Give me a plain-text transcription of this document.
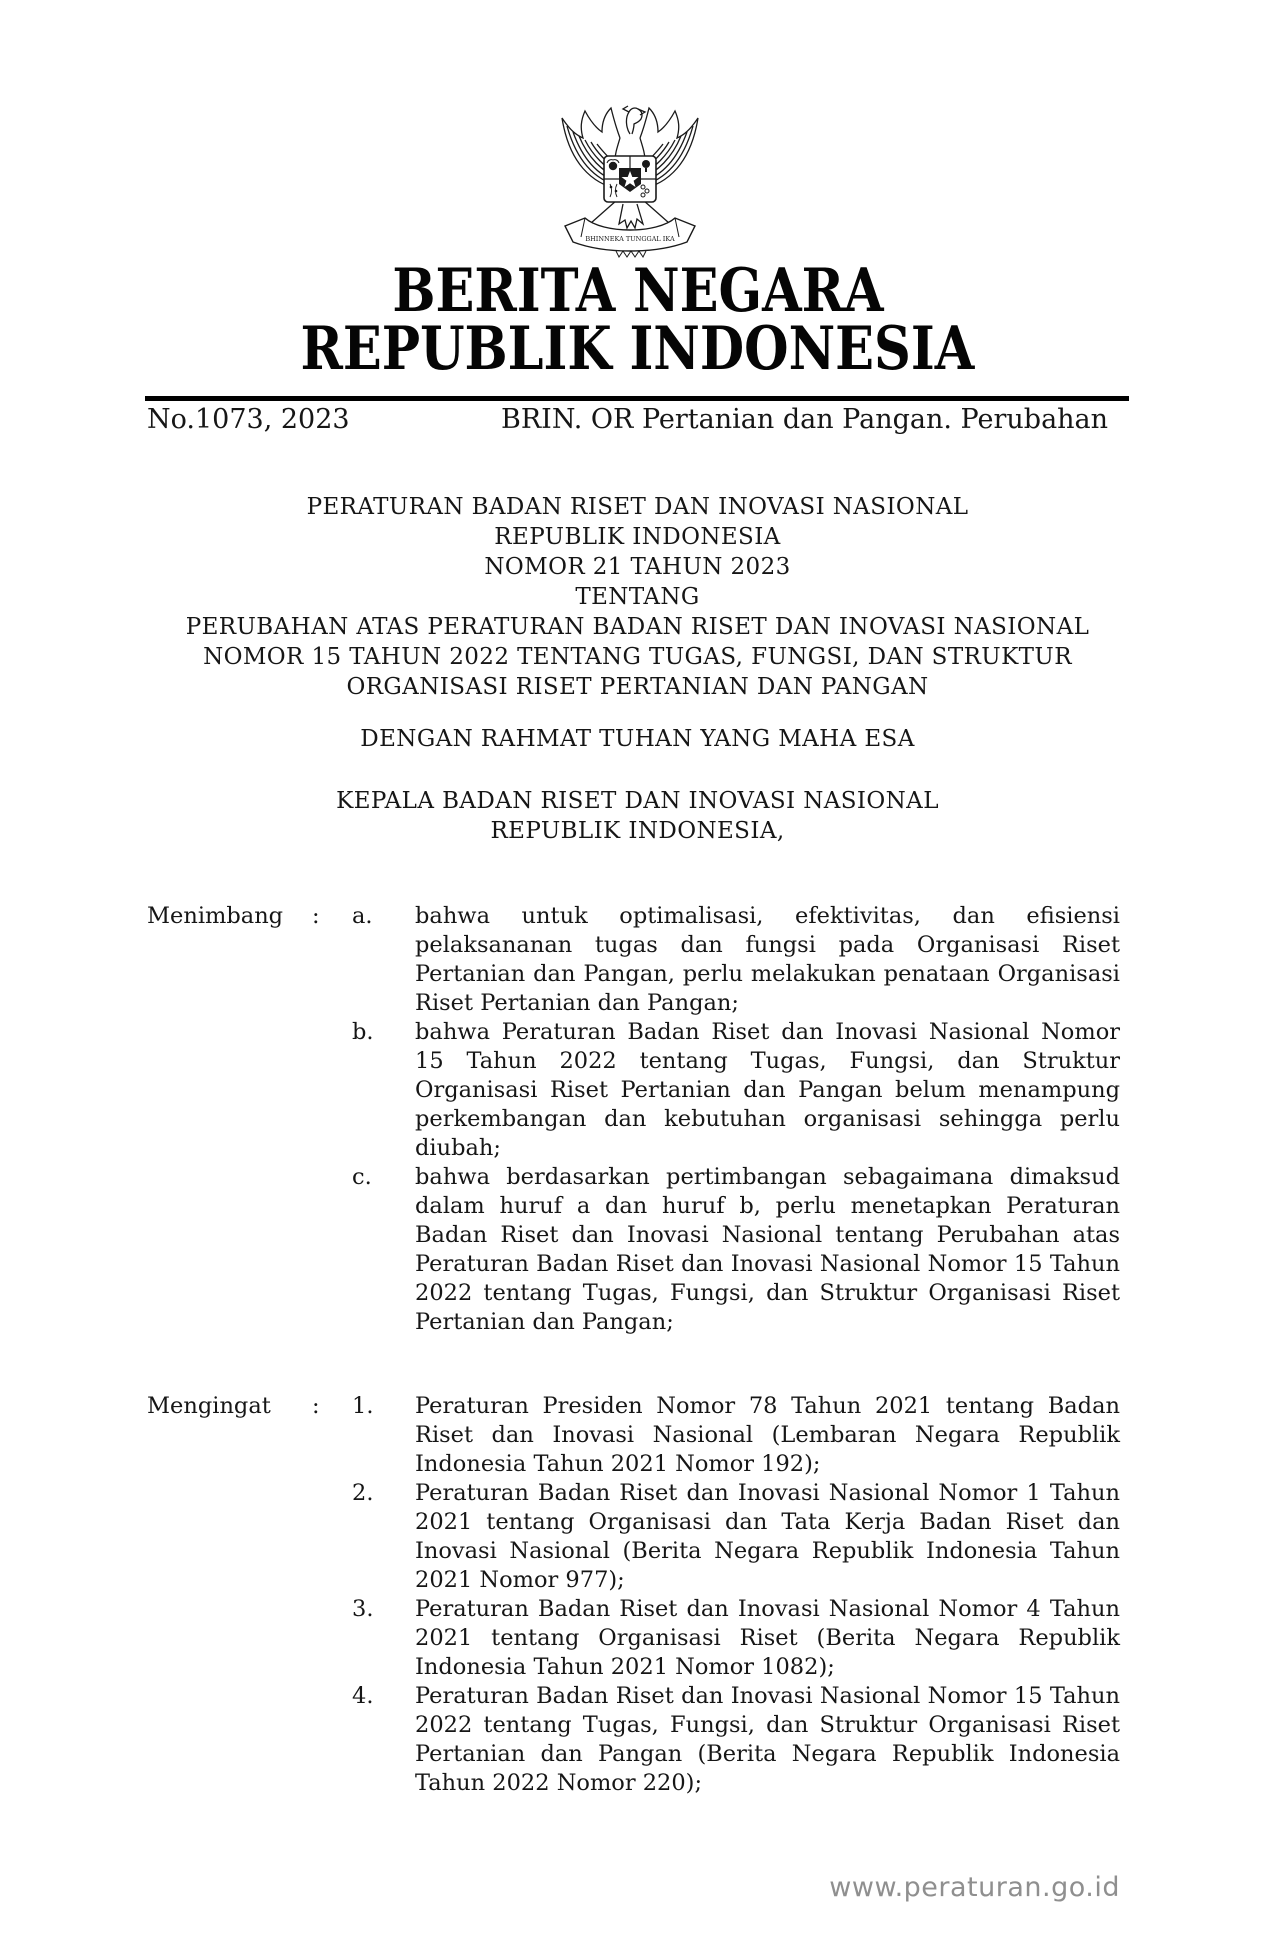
BHINNEKA TUNGGAL IKA
BERITA NEGARA
REPUBLIK INDONESIA
No.1073, 2023	BRIN. OR Pertanian dan Pangan. Perubahan
PERATURAN BADAN RISET DAN INOVASI NASIONAL
REPUBLIK INDONESIA
NOMOR 21 TAHUN 2023
TENTANG
PERUBAHAN ATAS PERATURAN BADAN RISET DAN INOVASI NASIONAL
NOMOR 15 TAHUN 2022 TENTANG TUGAS, FUNGSI, DAN STRUKTUR
ORGANISASI RISET PERTANIAN DAN PANGAN
DENGAN RAHMAT TUHAN YANG MAHA ESA
KEPALA BADAN RISET DAN INOVASI NASIONAL
REPUBLIK INDONESIA,
Menimbang	:	a.	bahwa untuk optimalisasi, efektivitas, dan efisiensi pelaksananan tugas dan fungsi pada Organisasi Riset Pertanian dan Pangan, perlu melakukan penataan Organisasi Riset Pertanian dan Pangan;
b.	bahwa Peraturan Badan Riset dan Inovasi Nasional Nomor 15 Tahun 2022 tentang Tugas, Fungsi, dan Struktur Organisasi Riset Pertanian dan Pangan belum menampung perkembangan dan kebutuhan organisasi sehingga perlu diubah;
c.	bahwa berdasarkan pertimbangan sebagaimana dimaksud dalam huruf a dan huruf b, perlu menetapkan Peraturan Badan Riset dan Inovasi Nasional tentang Perubahan atas Peraturan Badan Riset dan Inovasi Nasional Nomor 15 Tahun 2022 tentang Tugas, Fungsi, dan Struktur Organisasi Riset Pertanian dan Pangan;
Mengingat	:	1.	Peraturan Presiden Nomor 78 Tahun 2021 tentang Badan Riset dan Inovasi Nasional (Lembaran Negara Republik Indonesia Tahun 2021 Nomor 192);
2.	Peraturan Badan Riset dan Inovasi Nasional Nomor 1 Tahun 2021 tentang Organisasi dan Tata Kerja Badan Riset dan Inovasi Nasional (Berita Negara Republik Indonesia Tahun 2021 Nomor 977);
3.	Peraturan Badan Riset dan Inovasi Nasional Nomor 4 Tahun 2021 tentang Organisasi Riset (Berita Negara Republik Indonesia Tahun 2021 Nomor 1082);
4.	Peraturan Badan Riset dan Inovasi Nasional Nomor 15 Tahun 2022 tentang Tugas, Fungsi, dan Struktur Organisasi Riset Pertanian dan Pangan (Berita Negara Republik Indonesia Tahun 2022 Nomor 220);
www.peraturan.go.id
